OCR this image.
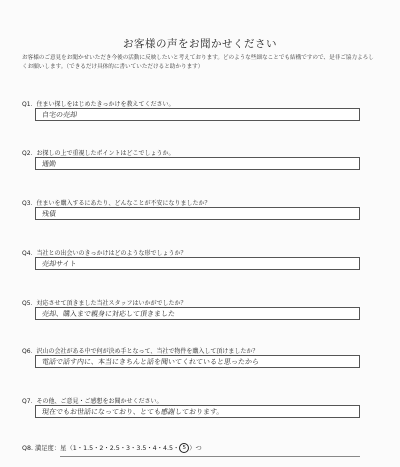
お客様の声をお聞かせください
お客様のご意見をお聞かせいただき今後の活動に反映したいと考えております。どのような些細なことでも結構ですので、是非ご協力よろしくお願いします。（できるだけ具体的に書いていただけると助かります）
Q1．住まい探しをはじめたきっかけを教えてください。
自宅の売却
Q2．お探しの上で重視したポイントはどこでしょうか。
通勤
Q3．住まいを購入するにあたり、どんなことが不安になりましたか？
残債
Q4．当社との出会いのきっかけはどのような形でしょうか？
売却サイト
Q5．対応させて頂きました当社スタッフはいかがでしたか？
売却、購入まで親身に対応して頂きました
Q6．沢山の会社がある中で何が決め手となって、当社で物件を購入して頂けましたか？
電話で話す内に、本当にきちんと話を聞いてくれていると思ったから
Q7．その他、ご意見・ご感想をお聞かせください。
現在でもお世話になっており、とても感謝しております。
Q8. 満足度：星（1・1.5・2・2.5・3・3.5・4・4.5・ 5 ）つ
